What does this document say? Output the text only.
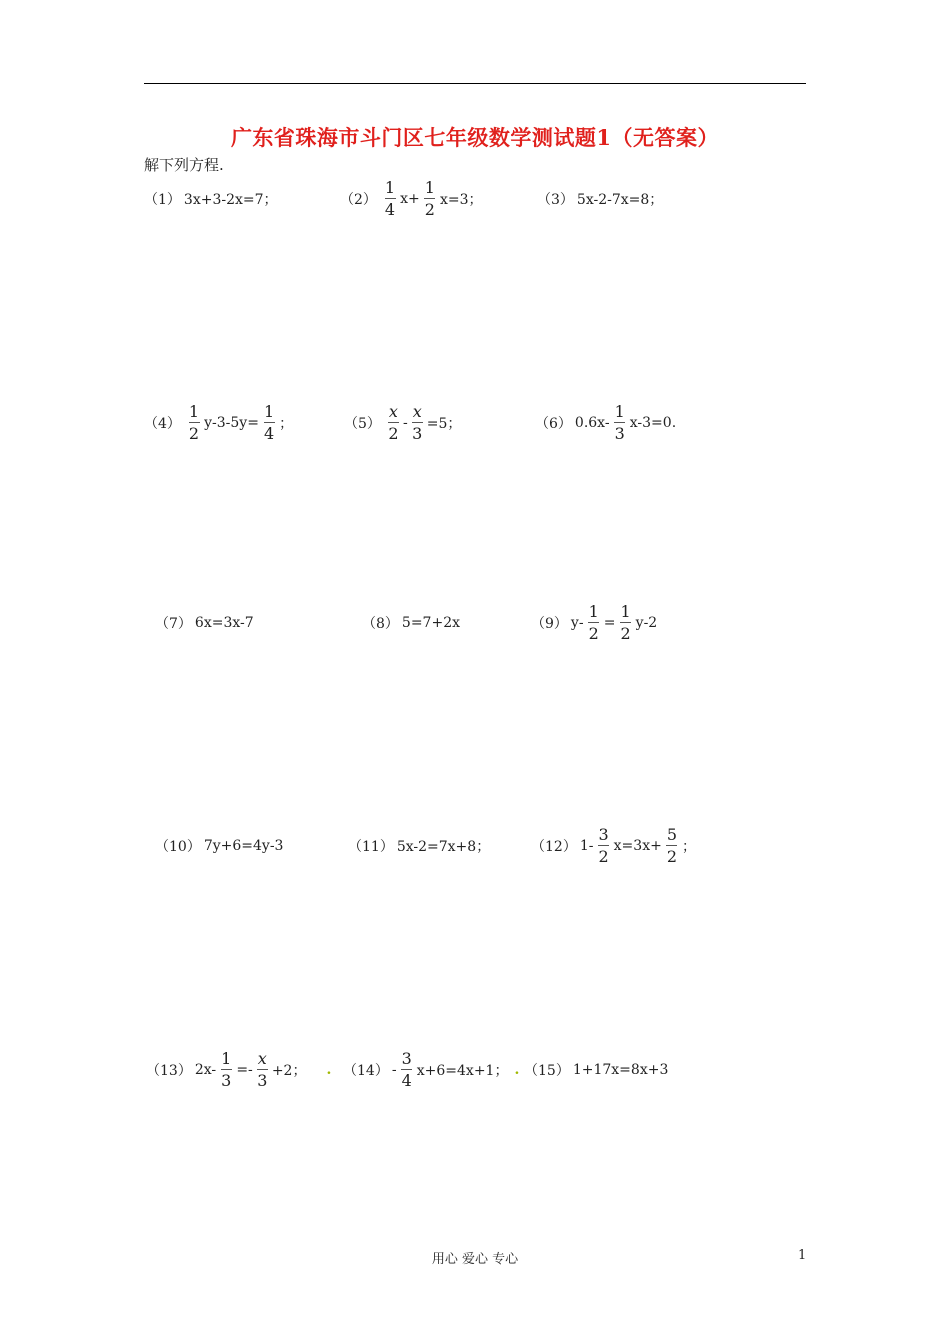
广东省珠海市斗门区七年级数学测试题1（无答案）
解下列方程.
（1） 3x+3-2x=7；	$(2) \frac{1}{4} x+ \frac{1}{2} x=3$；	（3） 5x-2-7x=8；
$(4) \frac{1}{2} y-3-5y= \frac{1}{4}$ ；	$(5) \frac{x}{2} - \frac{x}{3} =5$；	（6） $0.6x- \frac{1}{3} x-3=0$.
（7） 6x=3x-7	（8） 5=7+2x	（9） $y- \frac{1}{2} = \frac{1}{2} y-2$
（10） 7y+6=4y-3	（11） 5x-2=7x+8；	（12） $1- \frac{3}{2} x=3x+ \frac{5}{2}$ ；
（13） $2x- \frac{1}{3} =- \frac{x}{3} +2$； . $(14) - \frac{3}{4} x+6=4x+1$； . （15） 1+17x=8x+3
用心 爱心 专心	1
